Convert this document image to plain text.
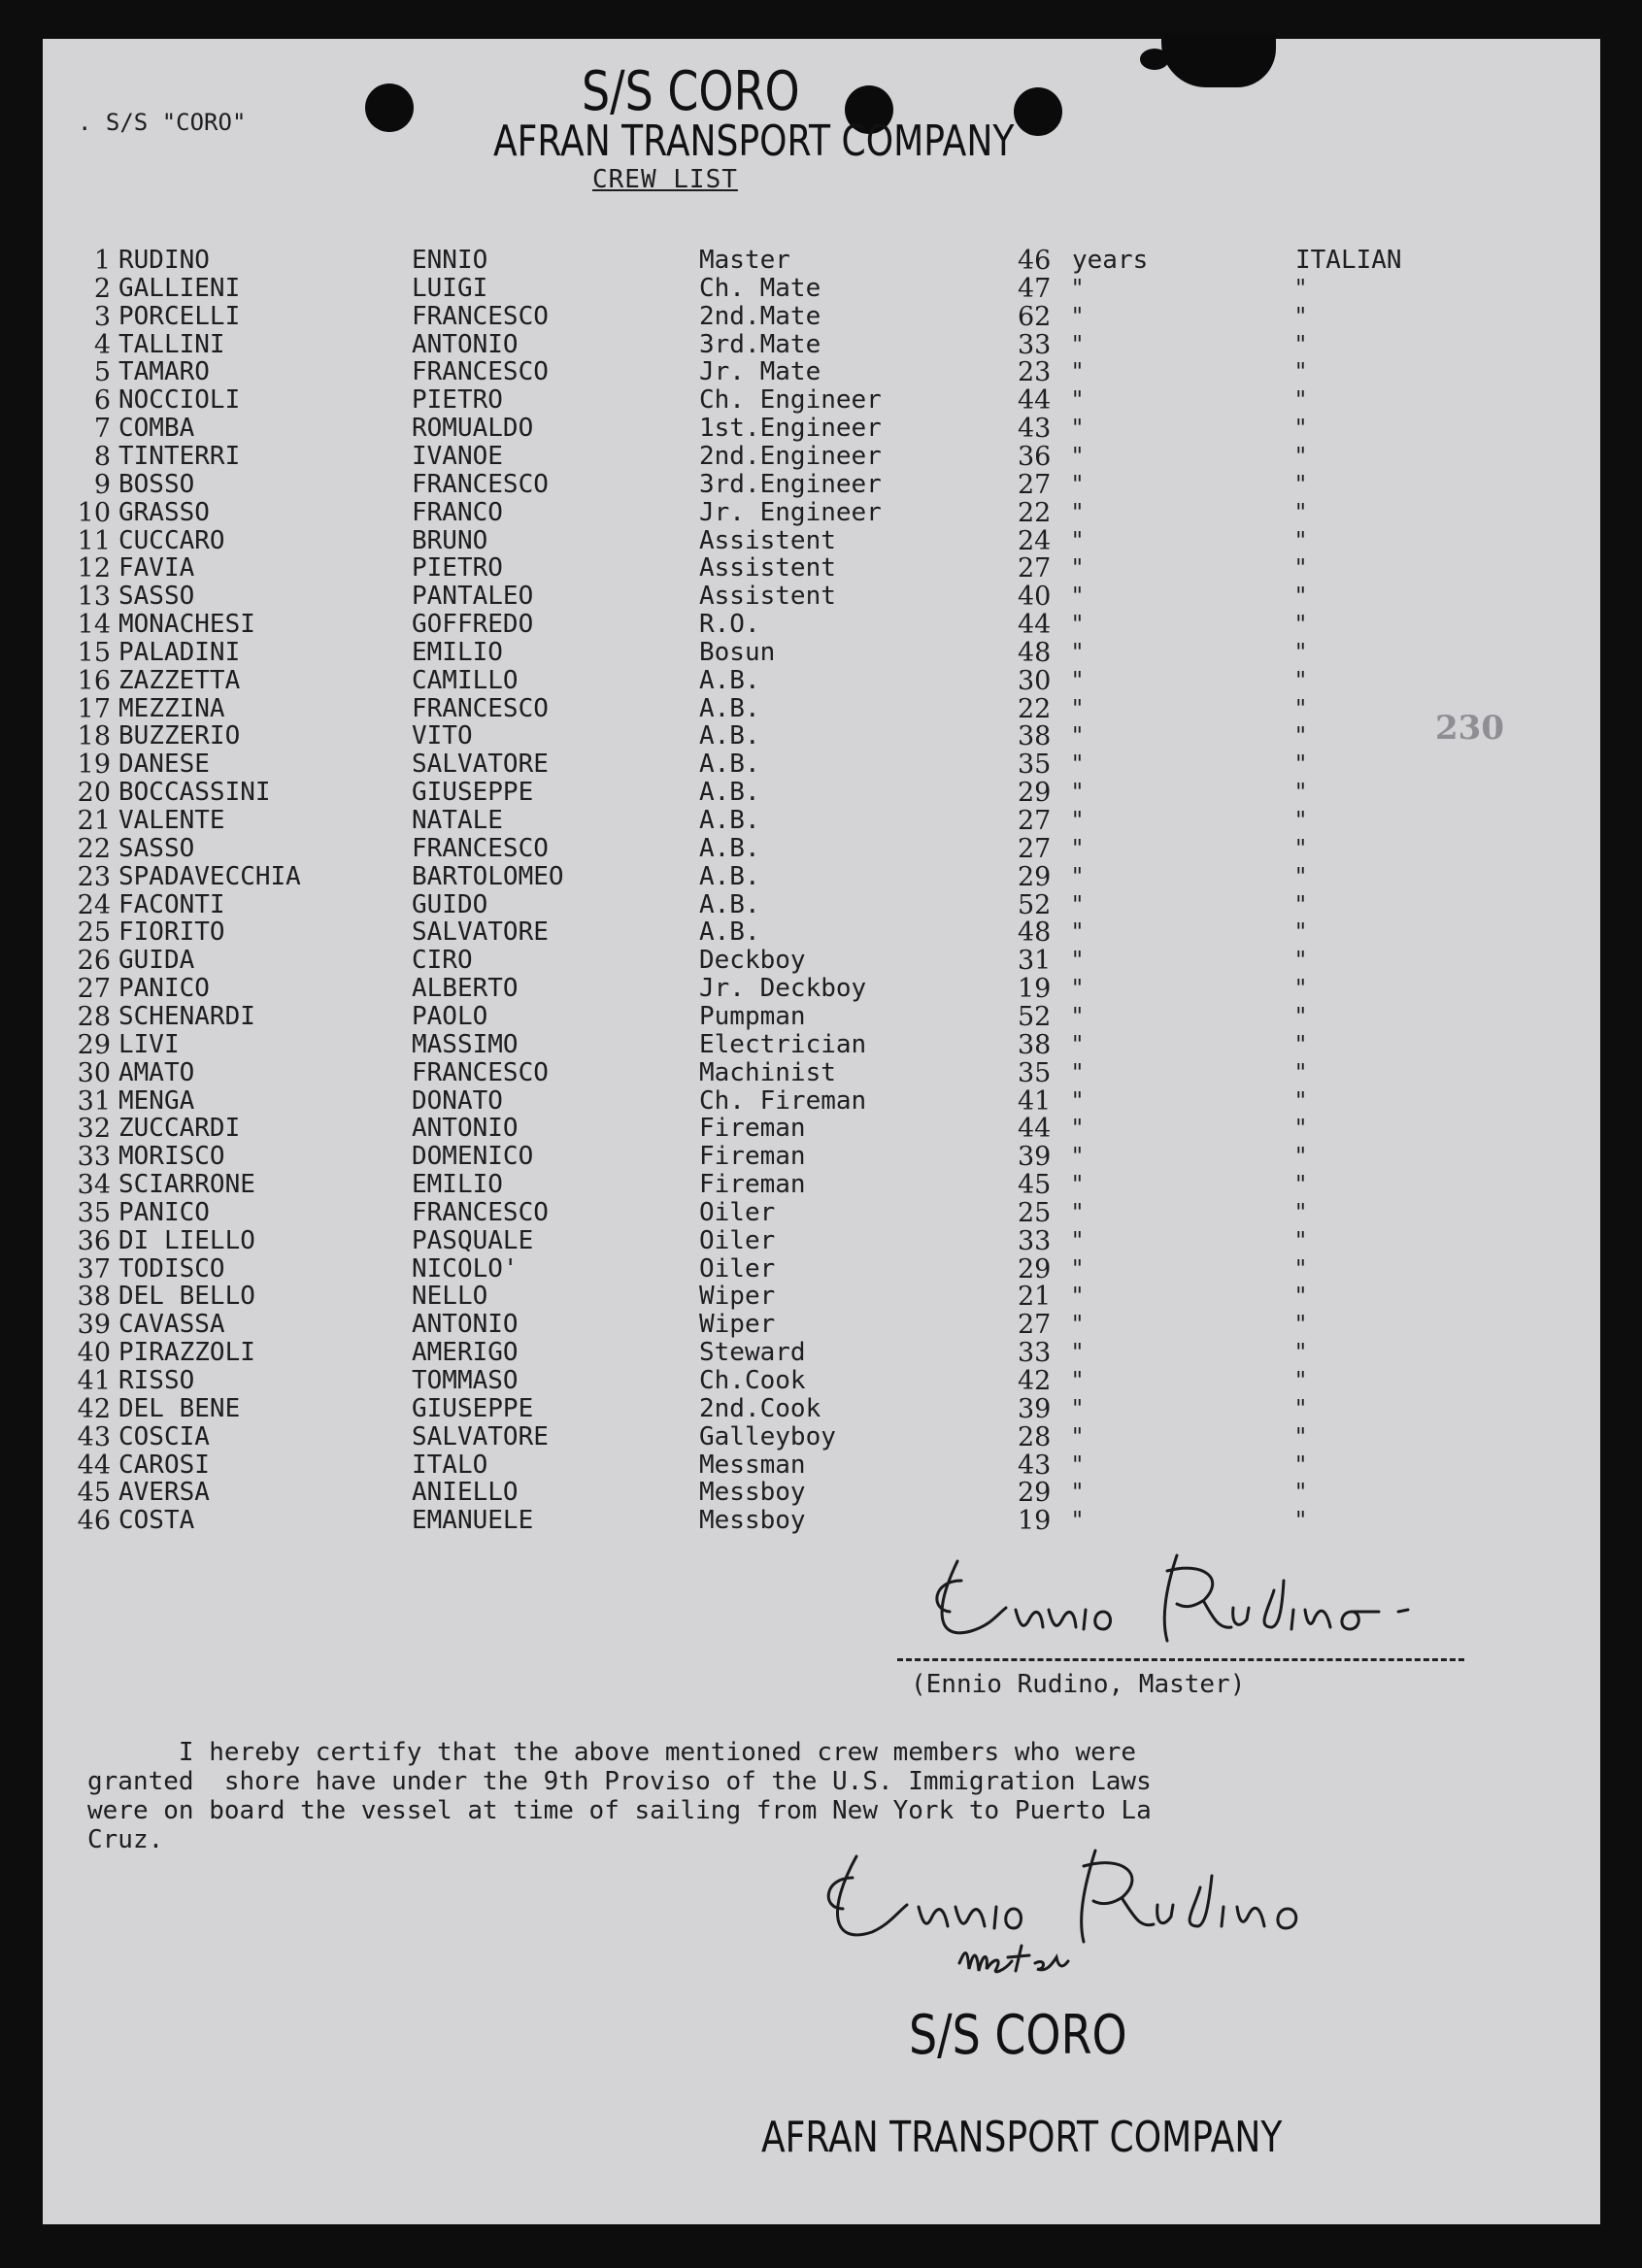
S/S CORO
AFRAN TRANSPORT COMPANY
. S/S "CORO"
CREW LIST
1 RUDINO	ENNIO	Master	46 years	ITALIAN
2 GALLIENI	LUIGI	Ch. Mate	47 "	"
3 PORCELLI	FRANCESCO	2nd.Mate	62 "	"
4 TALLINI	ANTONIO	3rd.Mate	33 "	"
5 TAMARO	FRANCESCO	Jr. Mate	23 "	"
6 NOCCIOLI	PIETRO	Ch. Engineer	44 "	"
7 COMBA	ROMUALDO	1st.Engineer	43 "	"
8 TINTERRI	IVANOE	2nd.Engineer	36 "	"
9 BOSSO	FRANCESCO	3rd.Engineer	27 "	"
10 GRASSO	FRANCO	Jr. Engineer	22 "	"
11 CUCCARO	BRUNO	Assistent	24 "	"
12 FAVIA	PIETRO	Assistent	27 "	"
13 SASSO	PANTALEO	Assistent	40 "	"
14 MONACHESI	GOFFREDO	R.O.	44 "	"
15 PALADINI	EMILIO	Bosun	48 "	"
16 ZAZZETTA	CAMILLO	A.B.	30 "	"
17 MEZZINA	FRANCESCO	A.B.	22 "	"
18 BUZZERIO	VITO	A.B.	38 "	"
19 DANESE	SALVATORE	A.B.	35 "	"
20 BOCCASSINI	GIUSEPPE	A.B.	29 "	"
21 VALENTE	NATALE	A.B.	27 "	"
22 SASSO	FRANCESCO	A.B.	27 "	"
23 SPADAVECCHIA	BARTOLOMEO	A.B.	29 "	"
24 FACONTI	GUIDO	A.B.	52 "	"
25 FIORITO	SALVATORE	A.B.	48 "	"
26 GUIDA	CIRO	Deckboy	31 "	"
27 PANICO	ALBERTO	Jr. Deckboy	19 "	"
28 SCHENARDI	PAOLO	Pumpman	52 "	"
29 LIVI	MASSIMO	Electrician	38 "	"
30 AMATO	FRANCESCO	Machinist	35 "	"
31 MENGA	DONATO	Ch. Fireman	41 "	"
32 ZUCCARDI	ANTONIO	Fireman	44 "	"
33 MORISCO	DOMENICO	Fireman	39 "	"
34 SCIARRONE	EMILIO	Fireman	45 "	"
35 PANICO	FRANCESCO	Oiler	25 "	"
36 DI LIELLO	PASQUALE	Oiler	33 "	"
37 TODISCO	NICOLO'	Oiler	29 "	"
38 DEL BELLO	NELLO	Wiper	21 "	"
39 CAVASSA	ANTONIO	Wiper	27 "	"
40 PIRAZZOLI	AMERIGO	Steward	33 "	"
41 RISSO	TOMMASO	Ch.Cook	42 "	"
42 DEL BENE	GIUSEPPE	2nd.Cook	39 "	"
43 COSCIA	SALVATORE	Galleyboy	28 "	"
44 CAROSI	ITALO	Messman	43 "	"
45 AVERSA	ANIELLO	Messboy	29 "	"
46 COSTA	EMANUELE	Messboy	19 "	"
230
(Ennio Rudino, Master)
I hereby certify that the above mentioned crew members who were
granted  shore have under the 9th Proviso of the U.S. Immigration Laws
were on board the vessel at time of sailing from New York to Puerto La
Cruz.
S/S CORO
AFRAN TRANSPORT COMPANY
